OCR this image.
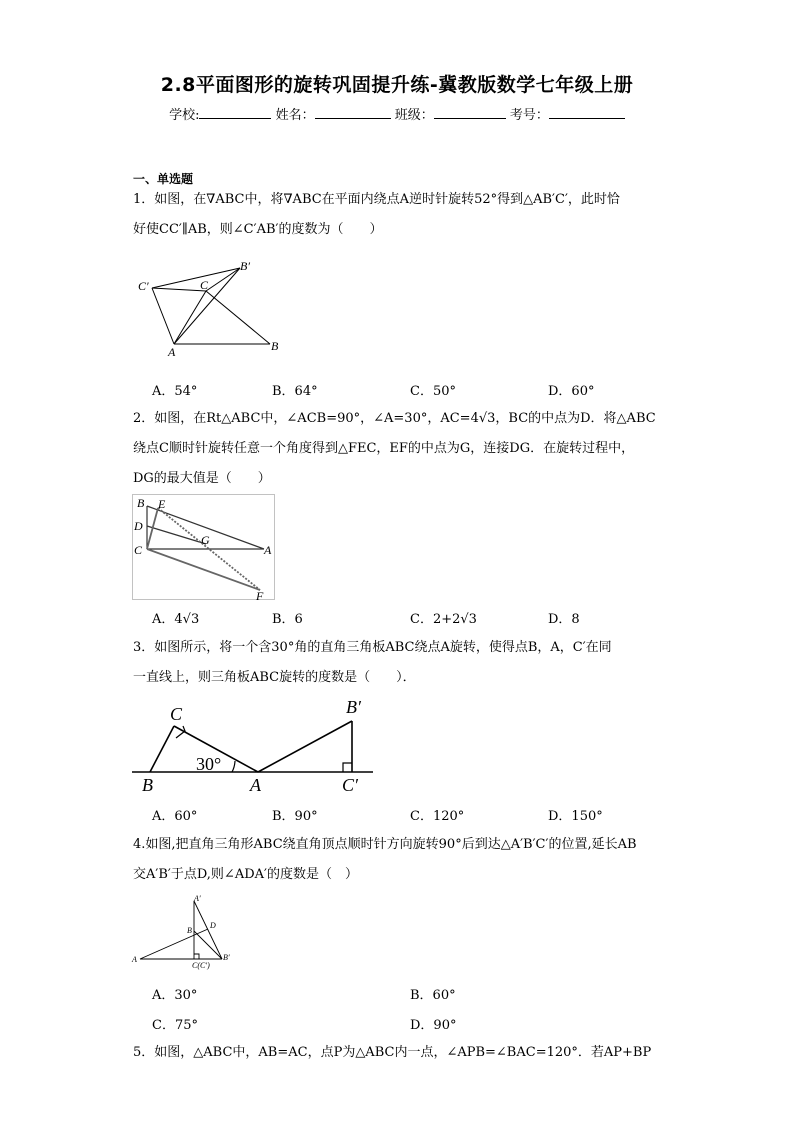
2.8平面图形的旋转巩固提升练-冀教版数学七年级上册
学校:	姓名：	班级：	考号：
一、单选题
1．如图，在∇ABC中，将∇ABC在平面内绕点A逆时针旋转52°得到△AB′C′，此时恰
好使CC′∥AB，则∠C′AB′的度数为（　　）
C′	C
B′
A	B
A．54°	B．64°	C．50°	D．60°
2．如图，在Rt△ABC中，∠ACB=90°，∠A=30°，AC=4√3，BC的中点为D．将△ABC
绕点C顺时针旋转任意一个角度得到△FEC，EF的中点为G，连接DG．在旋转过程中，
DG的最大值是（　　）
B E
D
C
G
A
F
A．4√3	B．6	C．2+2√3	D．8
3．如图所示，将一个含30°角的直角三角板ABC绕点A旋转，使得点B，A，C′在同
一直线上，则三角板ABC旋转的度数是（　　）．
C	B′
30°
B	A	C′
A．60°	B．90°	C．120°	D．150°
4.如图,把直角三角形ABC绕直角顶点顺时针方向旋转90°后到达△A′B′C′的位置,延长AB
交A′B′于点D,则∠ADA′的度数是（　）
A′
D
B
A
C(C′)
B′
A．30°	B．60°
C．75°	D．90°
5．如图，△ABC中，AB=AC，点P为△ABC内一点，∠APB=∠BAC=120°．若AP+BP
